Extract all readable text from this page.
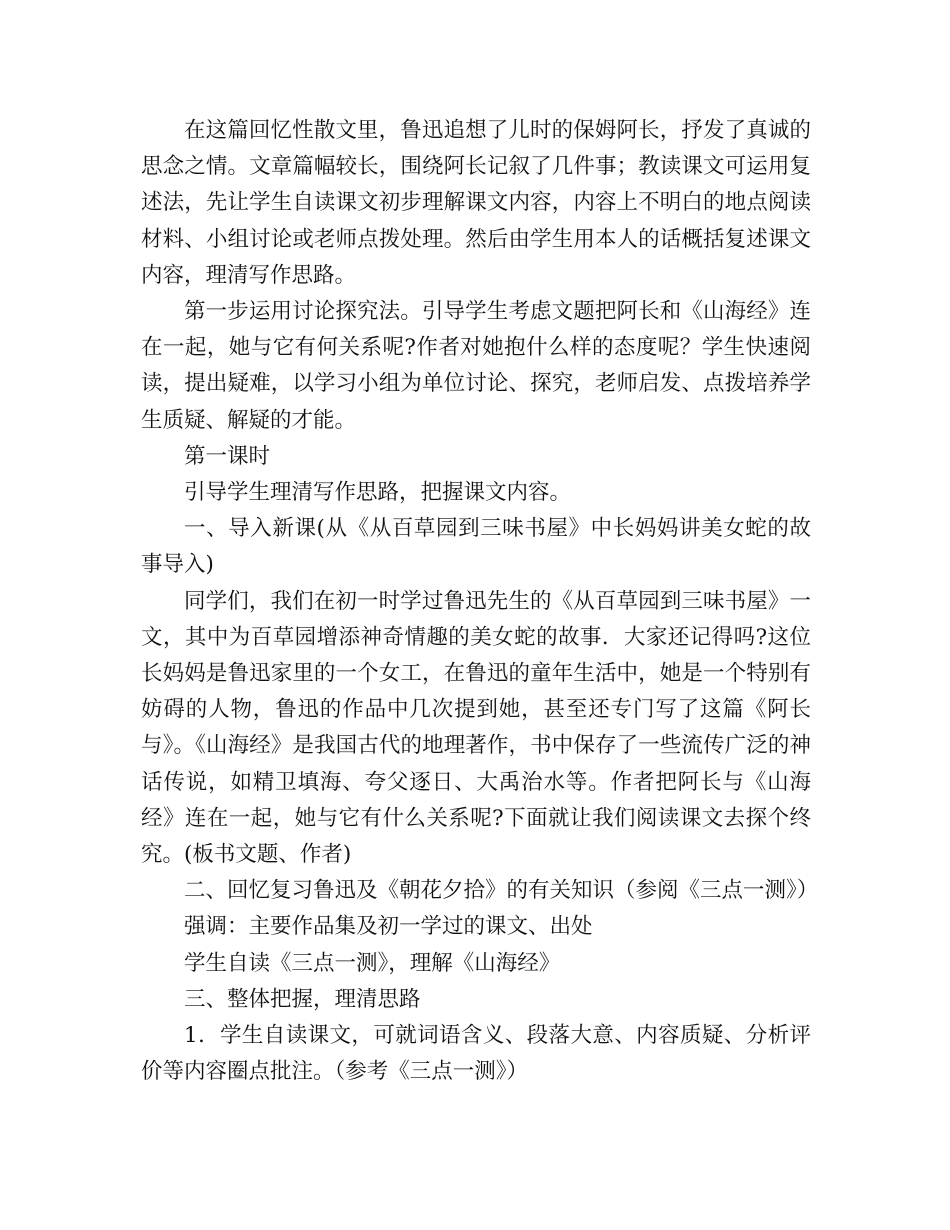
在这篇回忆性散文里，鲁迅追想了儿时的保姆阿长，抒发了真诚的思念之情。文章篇幅较长，围绕阿长记叙了几件事；教读课文可运用复述法，先让学生自读课文初步理解课文内容，内容上不明白的地点阅读材料、小组讨论或老师点拨处理。然后由学生用本人的话概括复述课文内容，理清写作思路。

第一步运用讨论探究法。引导学生考虑文题把阿长和《山海经》连在一起，她与它有何关系呢?作者对她抱什么样的态度呢？学生快速阅读，提出疑难，以学习小组为单位讨论、探究，老师启发、点拨培养学生质疑、解疑的才能。

第一课时

引导学生理清写作思路，把握课文内容。

一、导入新课(从《从百草园到三味书屋》中长妈妈讲美女蛇的故事导入)

同学们，我们在初一时学过鲁迅先生的《从百草园到三味书屋》一文，其中为百草园增添神奇情趣的美女蛇的故事．大家还记得吗?这位长妈妈是鲁迅家里的一个女工，在鲁迅的童年生活中，她是一个特别有妨碍的人物，鲁迅的作品中几次提到她，甚至还专门写了这篇《阿长与》。《山海经》是我国古代的地理著作，书中保存了一些流传广泛的神话传说，如精卫填海、夸父逐日、大禹治水等。作者把阿长与《山海经》连在一起，她与它有什么关系呢?下面就让我们阅读课文去探个终究。(板书文题、作者)

二、回忆复习鲁迅及《朝花夕拾》的有关知识（参阅《三点一测》）

强调：主要作品集及初一学过的课文、出处

学生自读《三点一测》，理解《山海经》

三、整体把握，理清思路

1．学生自读课文，可就词语含义、段落大意、内容质疑、分析评价等内容圈点批注。（参考《三点一测》）
